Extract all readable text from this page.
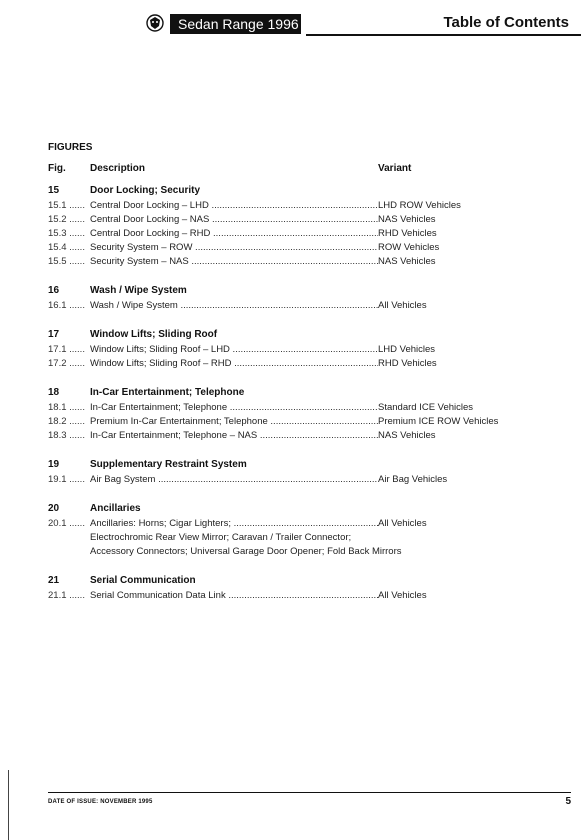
Sedan Range 1996	Table of Contents
FIGURES
Fig. Description	Variant
15	Door Locking; Security
15.1 ...... Central Door Locking – LHD .....	LHD ROW Vehicles
15.2 ...... Central Door Locking – NAS .....	NAS Vehicles
15.3 ...... Central Door Locking – RHD .....	RHD Vehicles
15.4 ...... Security System – ROW .....	ROW Vehicles
15.5 ...... Security System – NAS .....	NAS Vehicles
16	Wash / Wipe System
16.1 ...... Wash / Wipe System .....	All Vehicles
17	Window Lifts; Sliding Roof
17.1 ...... Window Lifts; Sliding Roof – LHD .....	LHD Vehicles
17.2 ...... Window Lifts; Sliding Roof – RHD .....	RHD Vehicles
18	In-Car Entertainment; Telephone
18.1 ...... In-Car Entertainment; Telephone .....	Standard ICE Vehicles
18.2 ...... Premium In-Car Entertainment; Telephone .....	Premium ICE ROW Vehicles
18.3 ...... In-Car Entertainment; Telephone – NAS .....	NAS Vehicles
19	Supplementary Restraint System
19.1 ...... Air Bag System .....	Air Bag Vehicles
20	Ancillaries
20.1 ...... Ancillaries: Horns; Cigar Lighters; .....	All Vehicles
Electrochromic Rear View Mirror; Caravan / Trailer Connector;
Accessory Connectors; Universal Garage Door Opener; Fold Back Mirrors
21	Serial Communication
21.1 ...... Serial Communication Data Link .....	All Vehicles
DATE OF ISSUE: NOVEMBER 1995	5
